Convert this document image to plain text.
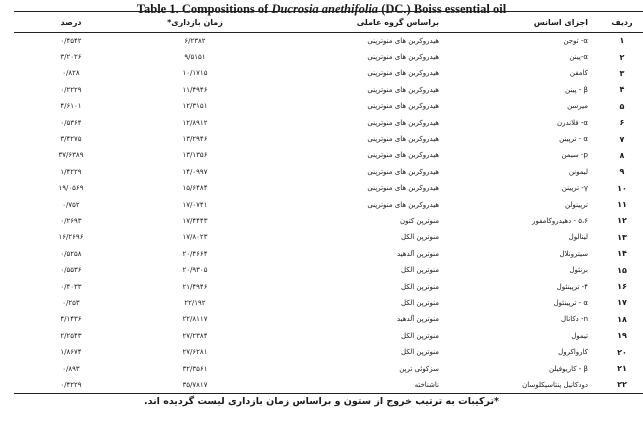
Table 1. Compositions of Ducrosia anethifolia (DC.) Boiss essential oil
ردیف	اجزای اسانس	براساس گروه عاملی	زمان بازداری*	درصد
۱	α- توجن	هیدروکربن های منوترپنی	۶/۲۳۸۲	۰/۴۵۴۲
۲	α-پینن	هیدروکربن های منوترپنی	۹/۵۱۵۱	۳/۲۰۲۶
۳	کامفن	هیدروکربن های منوترپنی	۱۰/۱۷۱۵	۰/۸۲۸
۴	β - پینن	هیدروکربن های منوترپنی	۱۱/۴۹۴۶	۰/۲۲۲۹
۵	میرسن	هیدروکربن های منوترپنی	۱۲/۳۱۵۱	۴/۶۱۰۱
۶	α- فلاندرن	هیدروکربن های منوترپنی	۱۲/۸۹۱۲	۰/۵۳۶۴
۷	α - ترپینن	هیدروکربن های منوترپنی	۱۳/۲۹۴۶	۳/۴۲۷۵
۸	p- سیمن	هیدروکربن های منوترپنی	۱۳/۱۳۵۶	۳۷/۶۳۸۹
۹	لیمونن	هیدروکربن های منوترپنی	۱۴/۰۹۹۷	۱/۴۲۲۹
۱۰	γ- ترپینن	هیدروکربن های منوترپنی	۱۵/۶۴۸۴	۱۹/۰۵۶۹
۱۱	ترپینولن	هیدروکربن های منوترپنی	۱۷/۰۷۴۱	۰/۷۵۲
۱۲	۵،۶ - دهیدروکامفور	منوترپن کتون	۱۷/۴۴۴۳	۰/۲۶۹۳
۱۳	لینالول	منوترپن الکل	۱۷/۸۰۲۳	۱۶/۲۶۹۶
۱۴	سیترونلال	منوترپن آلدهید	۲۰/۴۶۶۴	۰/۵۲۵۸
۱۵	برنئول	منوترپن الکل	۲۰/۹۳۰۵	۰/۵۵۳۶
۱۶	۴- ترپینئول	منوترپن الکل	۲۱/۴۹۴۶	۰/۴۰۳۳
۱۷	α - ترپینئول	منوترپن الکل	۲۲/۱۹۲	۰/۲۵۳
۱۸	n- دکانال	منوترپن آلدهید	۲۲/۸۱۱۷	۴/۱۴۳۶
۱۹	تیمول	منوترپن الکل	۲۷/۲۳۸۴	۲/۲۵۴۳
۲۰	کارواکرول	منوترپن الکل	۲۷/۶۲۸۱	۱/۸۶۷۴
۲۱	β - کاریوفیلن	سزکوئی ترپن	۳۲/۳۵۶۱	۰/۸۹۳
۲۲	دودکانیل پنتاسیکلوسان	ناشناخته	۳۵/۷۸۱۷	۰/۴۲۲۹
*ترکیبات به ترتیب خروج از ستون و براساس زمان بازداری لیست گردیده اند.
